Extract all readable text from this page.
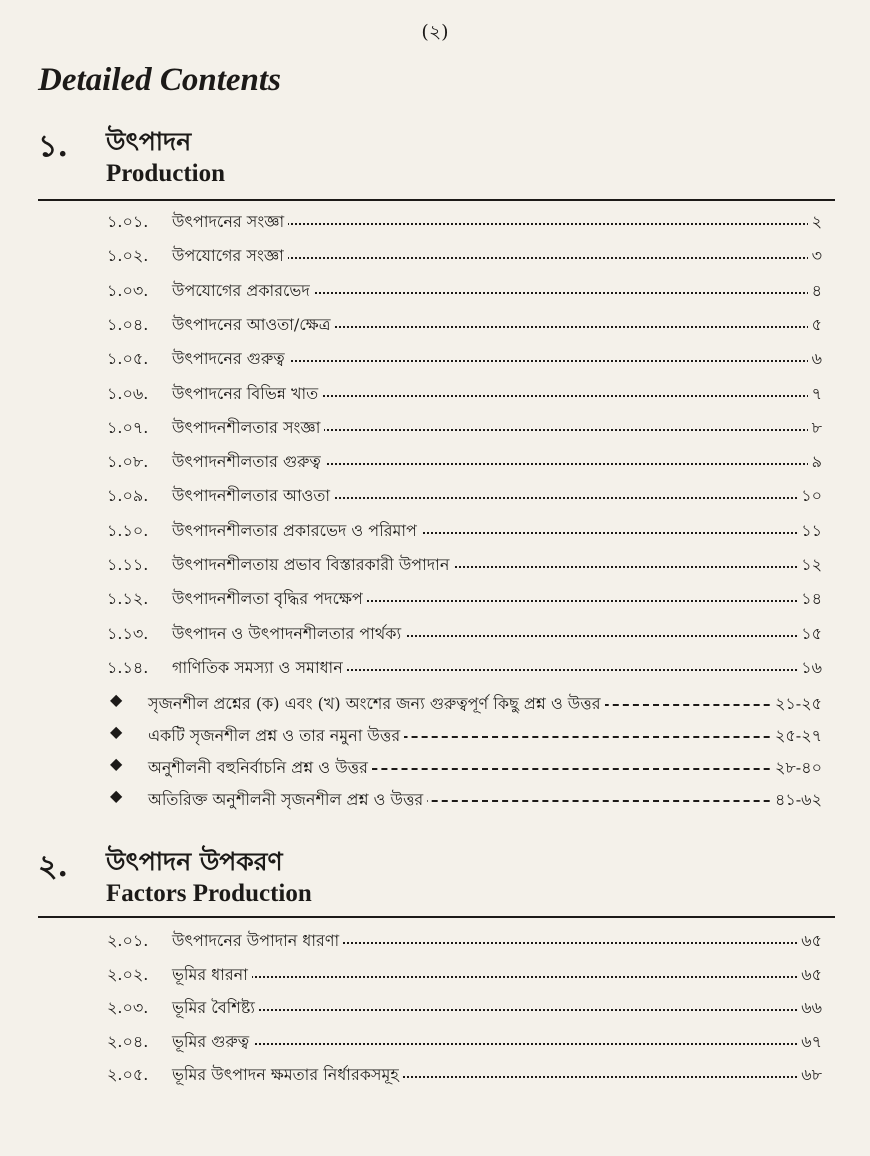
(২)
Detailed Contents
১. উৎপাদন
Production
১.০১. উৎপাদনের সংজ্ঞা	২
১.০২. উপযোগের সংজ্ঞা	৩
১.০৩. উপযোগের প্রকারভেদ	৪
১.০৪. উৎপাদনের আওতা/ক্ষেত্র	৫
১.০৫. উৎপাদনের গুরুত্ব	৬
১.০৬. উৎপাদনের বিভিন্ন খাত	৭
১.০৭. উৎপাদনশীলতার সংজ্ঞা	৮
১.০৮. উৎপাদনশীলতার গুরুত্ব	৯
১.০৯. উৎপাদনশীলতার আওতা	১০
১.১০. উৎপাদনশীলতার প্রকারভেদ ও পরিমাপ	১১
১.১১. উৎপাদনশীলতায় প্রভাব বিস্তারকারী উপাদান	১২
১.১২. উৎপাদনশীলতা বৃদ্ধির পদক্ষেপ	১৪
১.১৩. উৎপাদন ও উৎপাদনশীলতার পার্থক্য	১৫
১.১৪. গাণিতিক সমস্যা ও সমাধান	১৬
◆ সৃজনশীল প্রশ্নের (ক) এবং (খ) অংশের জন্য গুরুত্বপূর্ণ কিছু প্রশ্ন ও উত্তর	২১-২৫
◆ একটি সৃজনশীল প্রশ্ন ও তার নমুনা উত্তর	২৫-২৭
◆ অনুশীলনী বহুনির্বাচনি প্রশ্ন ও উত্তর	২৮-৪০
◆ অতিরিক্ত অনুশীলনী সৃজনশীল প্রশ্ন ও উত্তর	৪১-৬২
২. উৎপাদন উপকরণ
Factors Production
২.০১. উৎপাদনের উপাদান ধারণা	৬৫
২.০২. ভূমির ধারনা	৬৫
২.০৩. ভূমির বৈশিষ্ট্য	৬৬
২.০৪. ভূমির গুরুত্ব	৬৭
২.০৫. ভূমির উৎপাদন ক্ষমতার নির্ধারকসমূহ	৬৮
